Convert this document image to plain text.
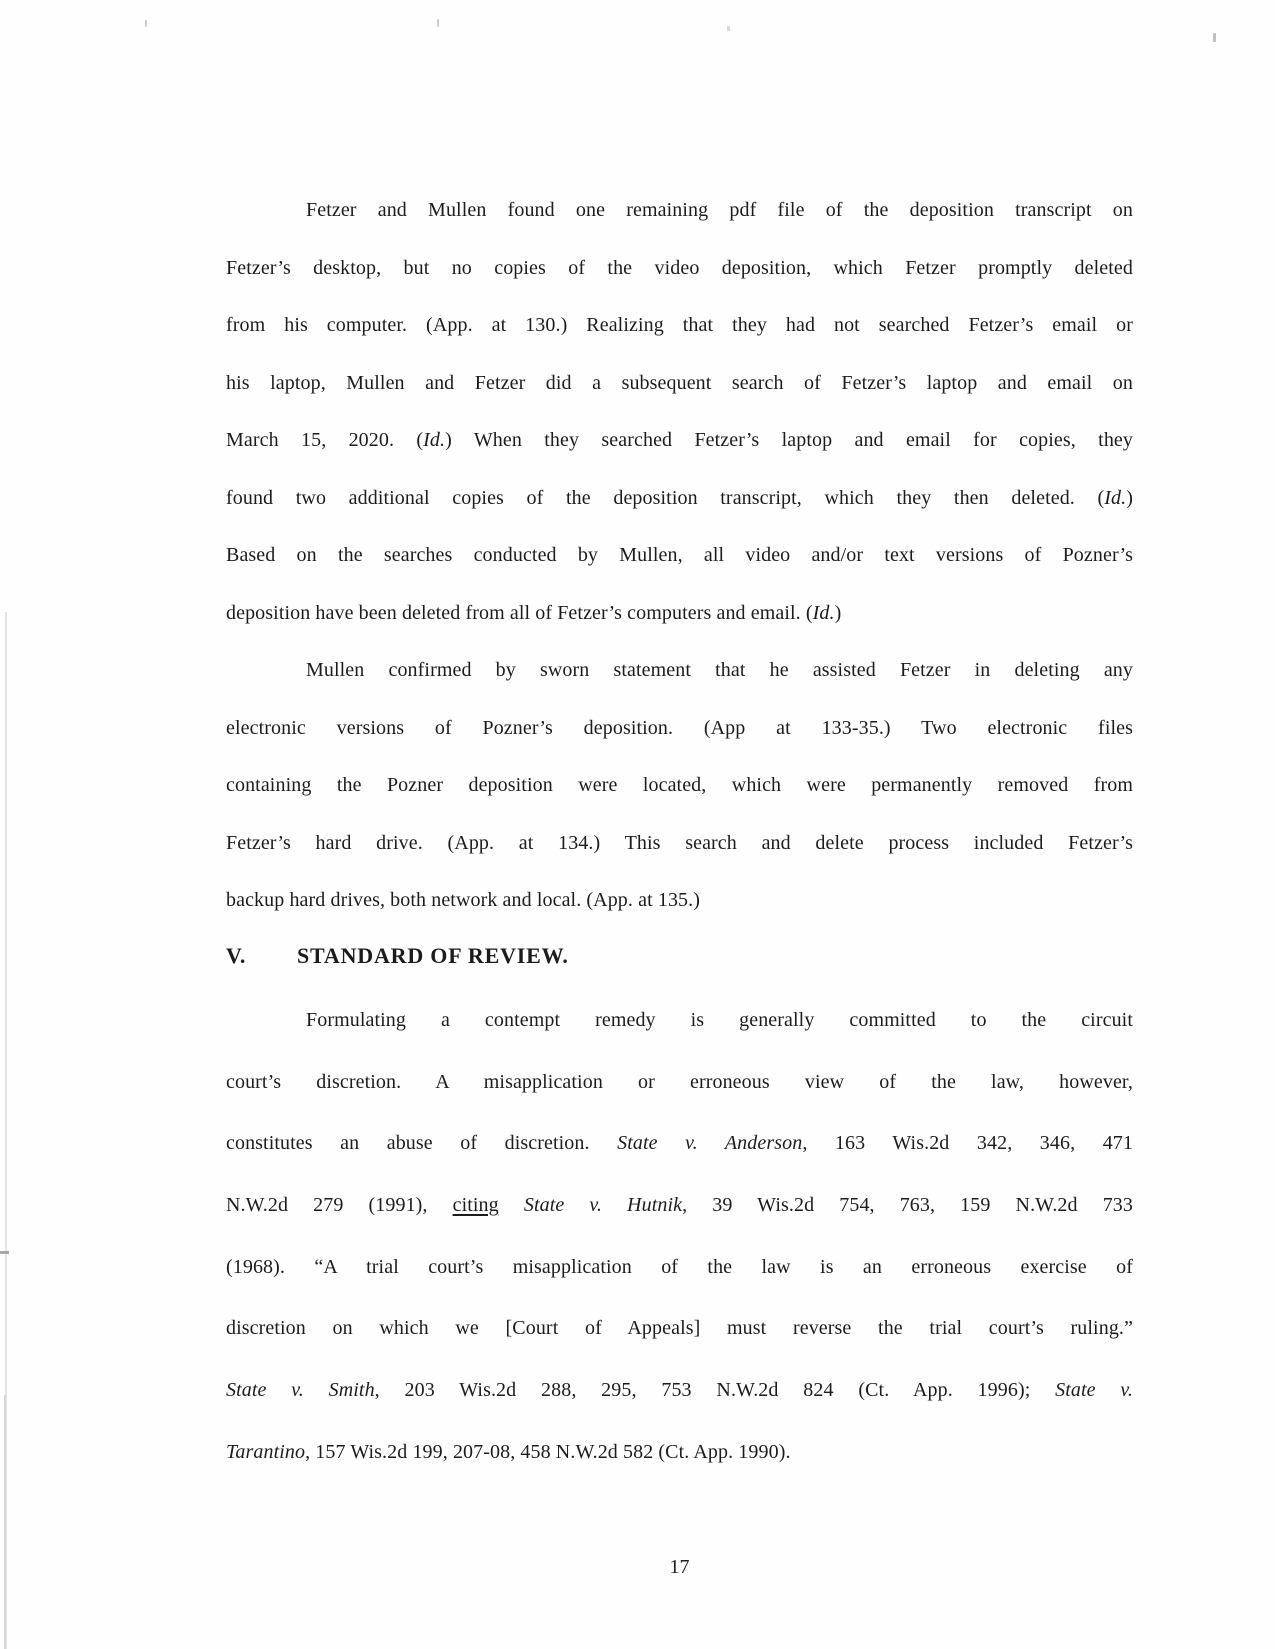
Fetzer and Mullen found one remaining pdf file of the deposition transcript on
Fetzer’s desktop, but no copies of the video deposition, which Fetzer promptly deleted
from his computer. (App. at 130.) Realizing that they had not searched Fetzer’s email or
his laptop, Mullen and Fetzer did a subsequent search of Fetzer’s laptop and email on
March 15, 2020. (Id.) When they searched Fetzer’s laptop and email for copies, they
found two additional copies of the deposition transcript, which they then deleted. (Id.)
Based on the searches conducted by Mullen, all video and/or text versions of Pozner’s
deposition have been deleted from all of Fetzer’s computers and email. (Id.)
Mullen confirmed by sworn statement that he assisted Fetzer in deleting any
electronic versions of Pozner’s deposition. (App at 133-35.) Two electronic files
containing the Pozner deposition were located, which were permanently removed from
Fetzer’s hard drive. (App. at 134.) This search and delete process included Fetzer’s
backup hard drives, both network and local. (App. at 135.)
V. STANDARD OF REVIEW.
Formulating a contempt remedy is generally committed to the circuit
court’s discretion. A misapplication or erroneous view of the law, however,
constitutes an abuse of discretion. State v. Anderson, 163 Wis.2d 342, 346, 471
N.W.2d 279 (1991), citing State v. Hutnik, 39 Wis.2d 754, 763, 159 N.W.2d 733
(1968). “A trial court’s misapplication of the law is an erroneous exercise of
discretion on which we [Court of Appeals] must reverse the trial court’s ruling.”
State v. Smith, 203 Wis.2d 288, 295, 753 N.W.2d 824 (Ct. App. 1996); State v.
Tarantino, 157 Wis.2d 199, 207-08, 458 N.W.2d 582 (Ct. App. 1990).
17
